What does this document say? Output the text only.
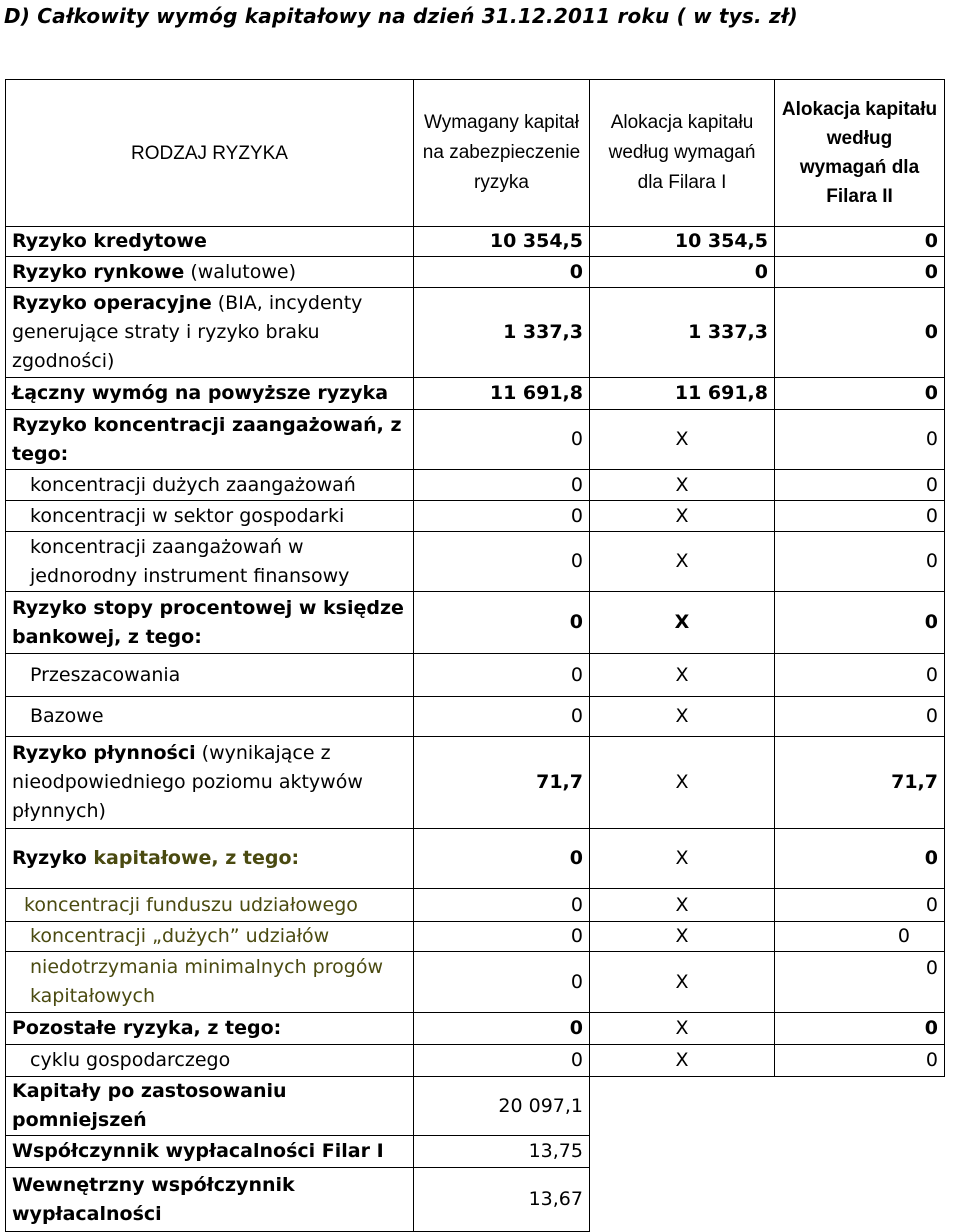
D) Całkowity wymóg kapitałowy na dzień 31.12.2011 roku ( w tys. zł)
RODZAJ RYZYKA	Wymagany kapitał na zabezpieczenie ryzyka	Alokacja kapitału według wymagań dla Filara I	Alokacja kapitału według wymagań dla Filara II
Ryzyko kredytowe	10 354,5	10 354,5	0
Ryzyko rynkowe (walutowe)	0	0	0
Ryzyko operacyjne (BIA, incydenty generujące straty i ryzyko braku zgodności)	1 337,3	1 337,3	0
Łączny wymóg na powyższe ryzyka	11 691,8	11 691,8	0
Ryzyko koncentracji zaangażowań, z tego:	0	X	0
koncentracji dużych zaangażowań	0	X	0
koncentracji w sektor gospodarki	0	X	0
koncentracji zaangażowań w jednorodny instrument finansowy	0	X	0
Ryzyko stopy procentowej w księdze bankowej, z tego:	0	X	0
Przeszacowania	0	X	0
Bazowe	0	X	0
Ryzyko płynności (wynikające z nieodpowiedniego poziomu aktywów płynnych)	71,7	X	71,7
Ryzyko kapitałowe, z tego:	0	X	0
koncentracji funduszu udziałowego	0	X	0
koncentracji „dużych” udziałów	0	X	0
niedotrzymania minimalnych progów kapitałowych	0	X	0
Pozostałe ryzyka, z tego:	0	X	0
cyklu gospodarczego	0	X	0
Kapitały po zastosowaniu pomniejszeń	20 097,1		
Współczynnik wypłacalności Filar I	13,75		
Wewnętrzny współczynnik wypłacalności	13,67		
